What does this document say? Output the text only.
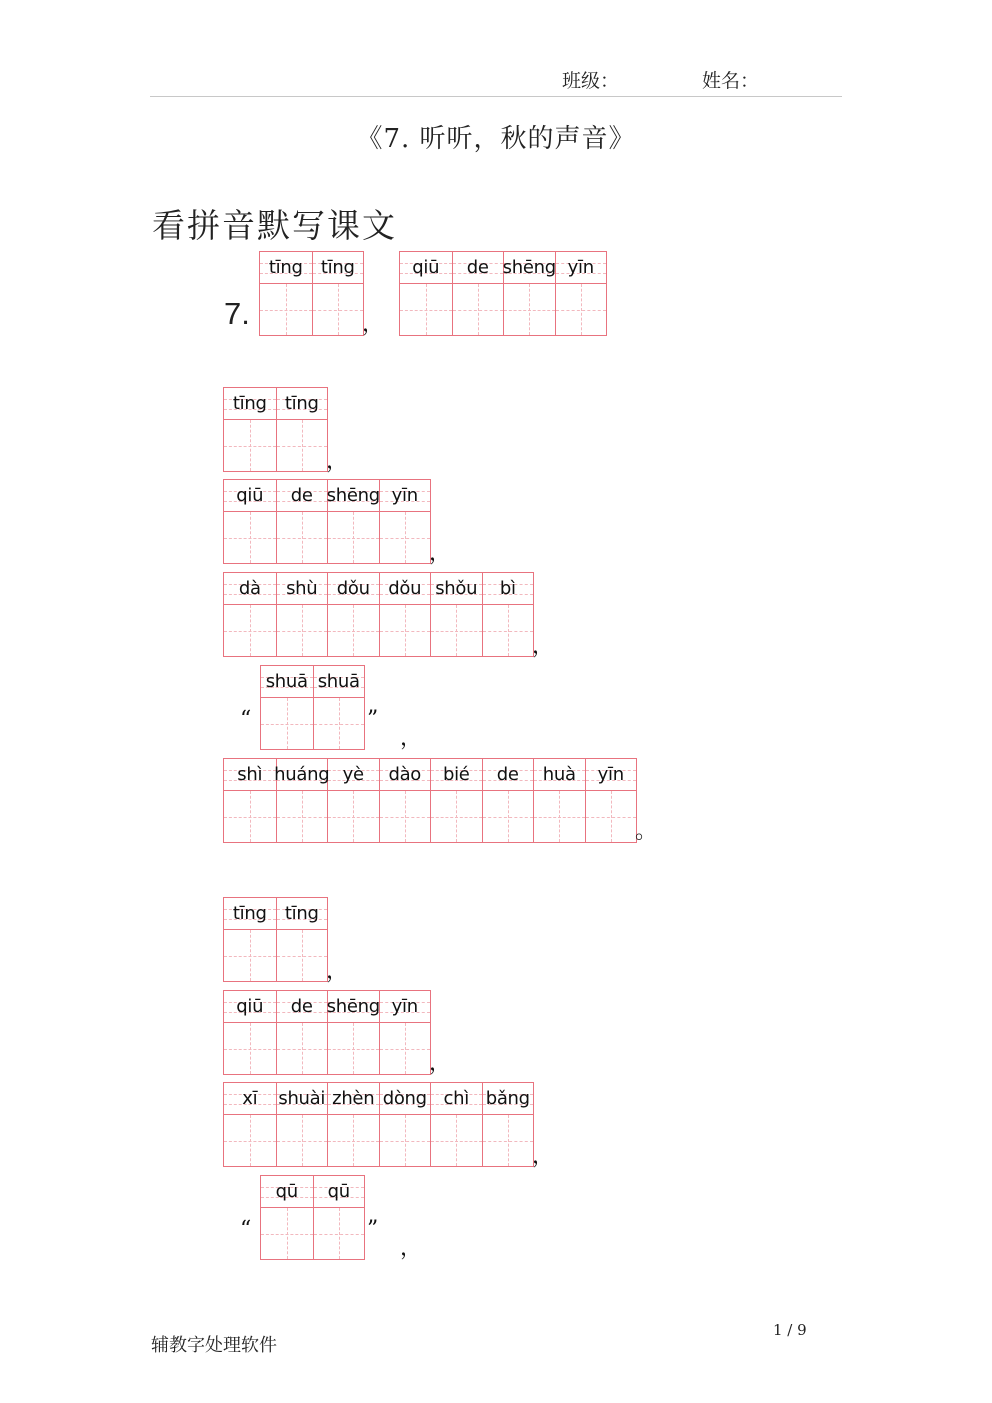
班级：	姓名：
《7. 听听，秋的声音》
看拼音默写课文
7.
tīng tīng
，
qiū de shēng yīn
tīng tīng
，
qiū de shēng yīn
，
dà shù dǒu dǒu shǒu bì
，
“
shuā shuā
”
，
shì huáng yè dào bié de huà yīn
。
tīng tīng
，
qiū de shēng yīn
，
xī shuài zhèn dòng chì bǎng
，
“
qū qū
”
，
辅教字处理软件
1 / 9
